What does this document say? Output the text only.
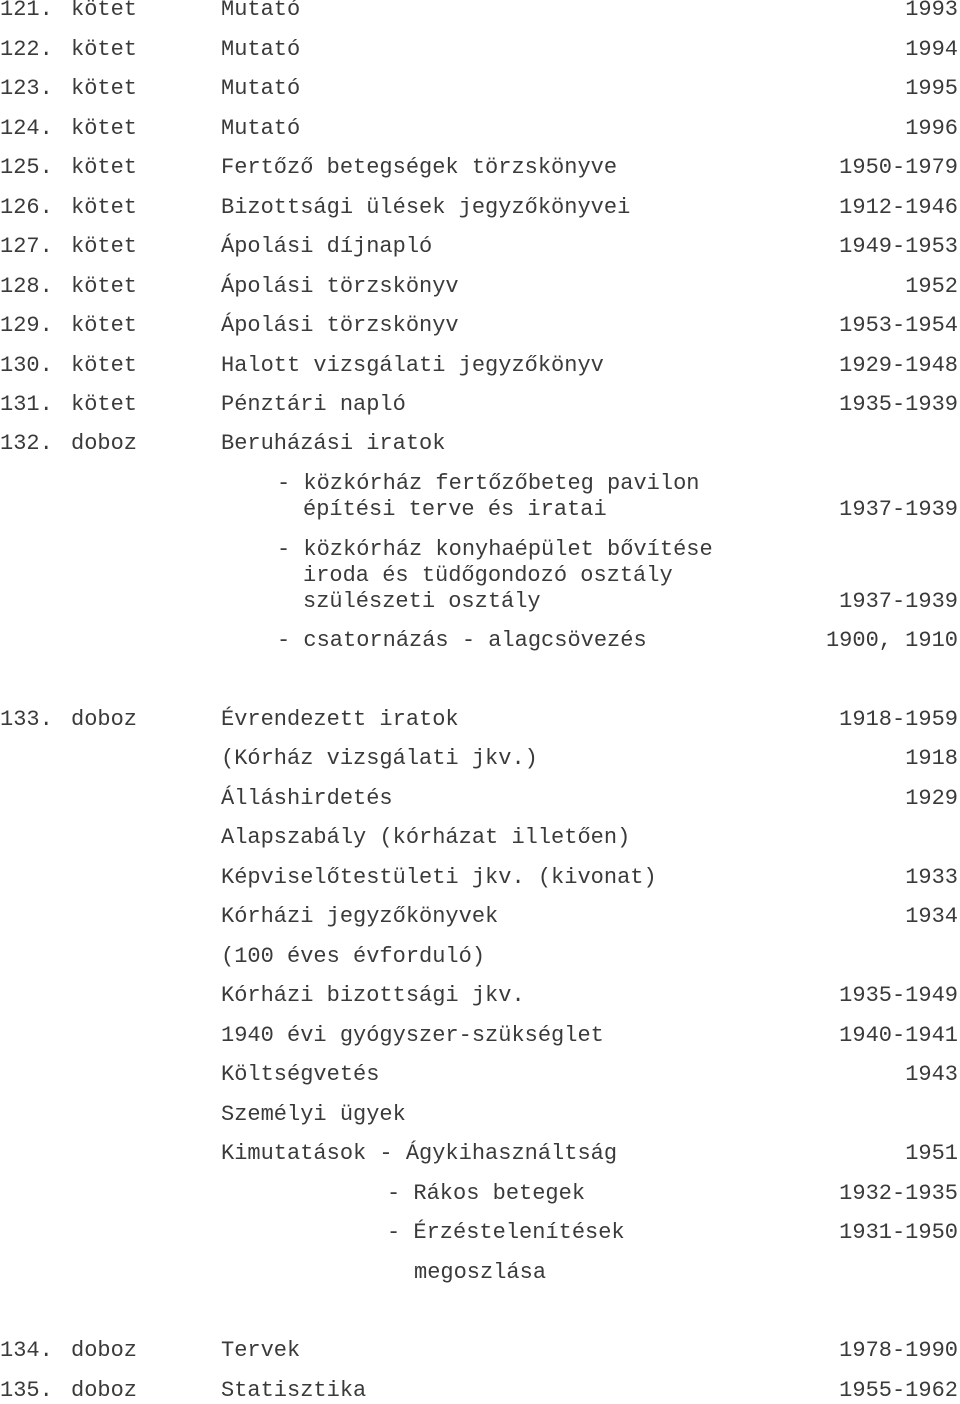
121. kötet	Mutató	1993
122. kötet	Mutató	1994
123. kötet	Mutató	1995
124. kötet	Mutató	1996
125. kötet	Fertőző betegségek törzskönyve	1950-1979
126. kötet	Bizottsági ülések jegyzőkönyvei	1912-1946
127. kötet	Ápolási díjnapló	1949-1953
128. kötet	Ápolási törzskönyv	1952
129. kötet	Ápolási törzskönyv	1953-1954
130. kötet	Halott vizsgálati jegyzőkönyv	1929-1948
131. kötet	Pénztári napló	1935-1939
132. doboz	Beruházási iratok
- közkórház fertőzőbeteg pavilon
építési terve és iratai	1937-1939
- közkórház konyhaépület bővítése
iroda és tüdőgondozó osztály
szülészeti osztály	1937-1939
- csatornázás - alagcsövezés	1900, 1910
133. doboz	Évrendezett iratok	1918-1959
(Kórház vizsgálati jkv.)	1918
Álláshirdetés	1929
Alapszabály (kórházat illetően)
Képviselőtestületi jkv. (kivonat)	1933
Kórházi jegyzőkönyvek	1934
(100 éves évforduló)
Kórházi bizottsági jkv.	1935-1949
1940 évi gyógyszer-szükséglet	1940-1941
Költségvetés	1943
Személyi ügyek
Kimutatások - Ágykihasználtság	1951
- Rákos betegek	1932-1935
- Érzéstelenítések	1931-1950
megoszlása
134. doboz	Tervek	1978-1990
135. doboz	Statisztika	1955-1962
